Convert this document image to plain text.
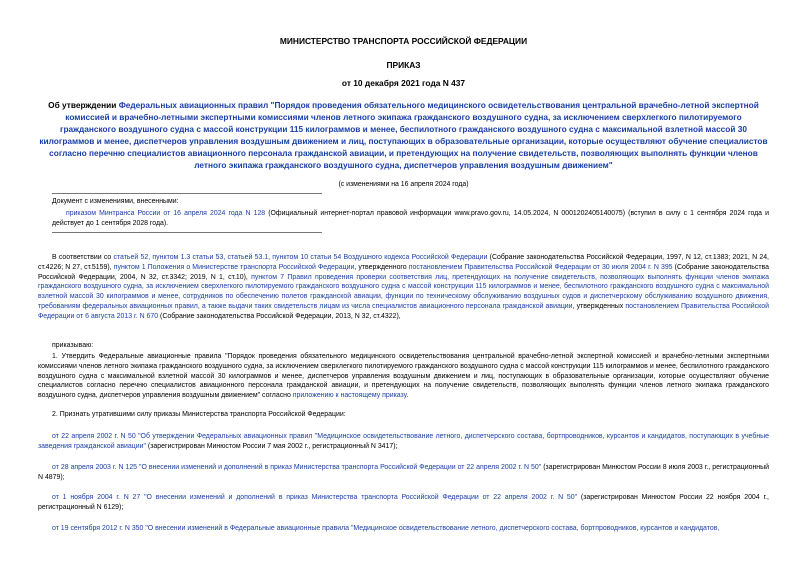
МИНИСТЕРСТВО ТРАНСПОРТА РОССИЙСКОЙ ФЕДЕРАЦИИ
ПРИКАЗ
от 10 декабря 2021 года N 437
Об утверждении Федеральных авиационных правил "Порядок проведения обязательного медицинского освидетельствования центральной врачебно-летной экспертной комиссией и врачебно-летными экспертными комиссиями членов летного экипажа гражданского воздушного судна, за исключением сверхлегкого пилотируемого гражданского воздушного судна с массой конструкции 115 килограммов и менее, беспилотного гражданского воздушного судна с максимальной взлетной массой 30 килограммов и менее, диспетчеров управления воздушным движением и лиц, поступающих в образовательные организации, которые осуществляют обучение специалистов согласно перечню специалистов авиационного персонала гражданской авиации, и претендующих на получение свидетельств, позволяющих выполнять функции членов летного экипажа гражданского воздушного судна, диспетчеров управления воздушным движением"
(с изменениями на 16 апреля 2024 года)
Документ с изменениями, внесенными:
приказом Минтранса России от 16 апреля 2024 года N 128 (Официальный интернет-портал правовой информации www.pravo.gov.ru, 14.05.2024, N 0001202405140075) (вступил в силу с 1 сентября 2024 года и действует до 1 сентября 2028 года).
В соответствии со статьей 52, пунктом 1.3 статьи 53, статьей 53.1, пунктом 10 статьи 54 Воздушного кодекса Российской Федерации (Собрание законодательства Российской Федерации, 1997, N 12, ст.1383; 2021, N 24, ст.4226; N 27, ст.5159), пунктом 1 Положения о Министерстве транспорта Российской Федерации, утвержденного постановлением Правительства Российской Федерации от 30 июля 2004 г. N 395 (Собрание законодательства Российской Федерации, 2004, N 32, ст.3342; 2019, N 1, ст.10), пунктом 7 Правил проведения проверки соответствия лиц, претендующих на получение свидетельств, позволяющих выполнять функции членов экипажа гражданского воздушного судна, за исключением сверхлегкого пилотируемого гражданского воздушного судна с массой конструкции 115 килограммов и менее, беспилотного гражданского воздушного судна с максимальной взлетной массой 30 килограммов и менее, сотрудников по обеспечению полетов гражданской авиации, функции по техническому обслуживанию воздушных судов и диспетчерскому обслуживанию воздушного движения, требованиям федеральных авиационных правил, а также выдачи таких свидетельств лицам из числа специалистов авиационного персонала гражданской авиации, утвержденных постановлением Правительства Российской Федерации от 6 августа 2013 г. N 670 (Собрание законодательства Российской Федерации, 2013, N 32, ст.4322),
приказываю:
1. Утвердить Федеральные авиационные правила "Порядок проведения обязательного медицинского освидетельствования центральной врачебно-летной экспертной комиссией и врачебно-летными экспертными комиссиями членов летного экипажа гражданского воздушного судна, за исключением сверхлегкого пилотируемого гражданского воздушного судна с массой конструкции 115 килограммов и менее, беспилотного гражданского воздушного судна с максимальной взлетной массой 30 килограммов и менее, диспетчеров управления воздушным движением и лиц, поступающих в образовательные организации, которые осуществляют обучение специалистов согласно перечню специалистов авиационного персонала гражданской авиации, и претендующих на получение свидетельств, позволяющих выполнять функции членов летного экипажа гражданского воздушного судна, диспетчеров управления воздушным движением" согласно приложению к настоящему приказу.
2. Признать утратившими силу приказы Министерства транспорта Российской Федерации:
от 22 апреля 2002 г. N 50 "Об утверждении Федеральных авиационных правил "Медицинское освидетельствование летного, диспетчерского состава, бортпроводников, курсантов и кандидатов, поступающих в учебные заведения гражданской авиации" (зарегистрирован Минюстом России 7 мая 2002 г., регистрационный N 3417);
от 28 апреля 2003 г. N 125 "О внесении изменений и дополнений в приказ Министерства транспорта Российской Федерации от 22 апреля 2002 г. N 50" (зарегистрирован Минюстом России 8 июля 2003 г., регистрационный N 4879);
от 1 ноября 2004 г. N 27 "О внесении изменений и дополнений в приказ Министерства транспорта Российской Федерации от 22 апреля 2002 г. N 50" (зарегистрирован Минюстом России 22 ноября 2004 г., регистрационный N 6129);
от 19 сентября 2012 г. N 350 "О внесении изменений в Федеральные авиационные правила "Медицинское освидетельствование летного, диспетчерского состава, бортпроводников, курсантов и кандидатов,
